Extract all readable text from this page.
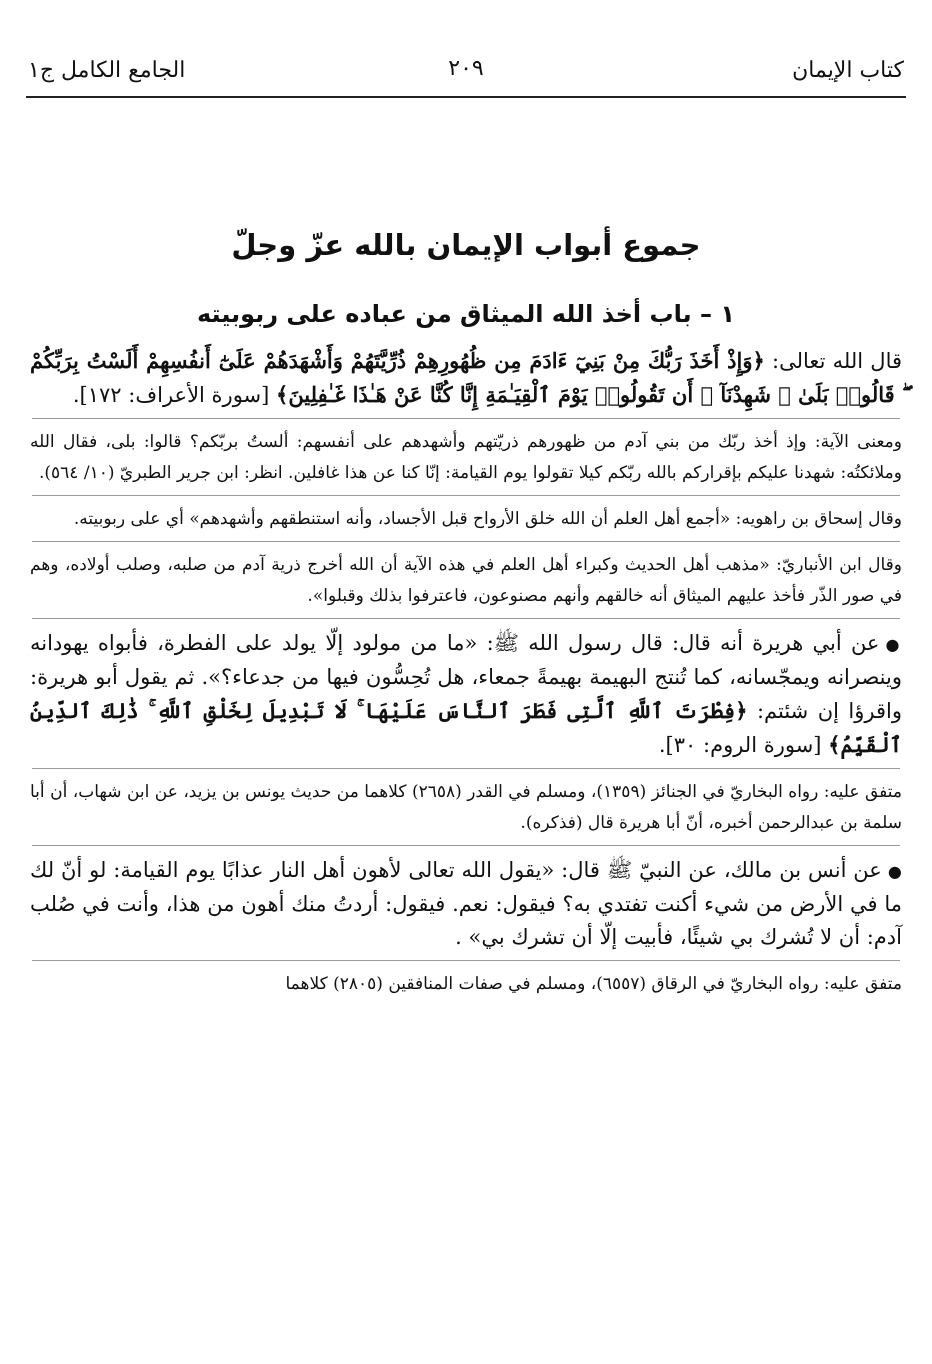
كتاب الإيمان
٢٠٩
الجامع الكامل ج١
جموع أبواب الإيمان بالله عزّ وجلّ
١ – باب أخذ الله الميثاق من عباده على ربوبيته

قال الله تعالى: ﴿وَإِذْ أَخَذَ رَبُّكَ مِنْ بَنِيٓ ءَادَمَ مِن ظُهُورِهِمْ ذُرِّيَّتَهُمْ وَأَشْهَدَهُمْ عَلَىٰٓ أَنفُسِهِمْ أَلَسْتُ بِرَبِّكُمْ ۖ قَالُوا۟ بَلَىٰ ۛ شَهِدْنَآ ۛ أَن تَقُولُوا۟ يَوْمَ ٱلْقِيَـٰمَةِ إِنَّا كُنَّا عَنْ هَـٰذَا غَـٰفِلِينَ﴾ [سورة الأعراف: ١٧٢].

ومعنى الآية: وإذ أخذ ربّك من بني آدم من ظهورهم ذريّتهم وأشهدهم على أنفسهم: ألستُ بربّكم؟ قالوا: بلى، فقال الله وملائكتُه: شهدنا عليكم بإقراركم بالله ربّكم كيلا تقولوا يوم القيامة: إنّا كنا عن هذا غافلين. انظر: ابن جرير الطبريّ (١٠/ ٥٦٤).

وقال إسحاق بن راهويه: «أجمع أهل العلم أن الله خلق الأرواح قبل الأجساد، وأنه استنطقهم وأشهدهم» أي على ربوبيته.

وقال ابن الأنباريّ: «مذهب أهل الحديث وكبراء أهل العلم في هذه الآية أن الله أخرج ذرية آدم من صلبه، وصلب أولاده، وهم في صور الذّر فأخذ عليهم الميثاق أنه خالقهم وأنهم مصنوعون، فاعترفوا بذلك وقبلوا».

●عن أبي هريرة أنه قال: قال رسول الله ﷺ: «ما من مولود إلّا يولد على الفطرة، فأبواه يهودانه وينصرانه ويمجّسانه، كما تُنتج البهيمة بهيمةً جمعاء، هل تُحِسُّون فيها من جدعاء؟». ثم يقول أبو هريرة: واقرؤا إن شئتم: ﴿فِطْرَتَ ٱللَّهِ ٱلَّتِى فَطَرَ ٱلنَّاسَ عَلَيْهَا ۚ لَا تَبْدِيلَ لِخَلْقِ ٱللَّهِ ۚ ذَٰلِكَ ٱلدِّينُ ٱلْقَيِّمُ﴾ [سورة الروم: ٣٠].

متفق عليه: رواه البخاريّ في الجنائز (١٣٥٩)، ومسلم في القدر (٢٦٥٨) كلاهما من حديث يونس بن يزيد، عن ابن شهاب، أن أبا سلمة بن عبدالرحمن أخبره، أنّ أبا هريرة قال (فذكره).

●عن أنس بن مالك، عن النبيّ ﷺ قال: «يقول الله تعالى لأهون أهل النار عذابًا يوم القيامة: لو أنّ لك ما في الأرض من شيء أكنت تفتدي به؟ فيقول: نعم. فيقول: أردتُ منك أهون من هذا، وأنت في صُلب آدم: أن لا تُشرك بي شيئًا، فأبيت إلّا أن تشرك بي» .

متفق عليه: رواه البخاريّ في الرقاق (٦٥٥٧)، ومسلم في صفات المنافقين (٢٨٠٥) كلاهما
